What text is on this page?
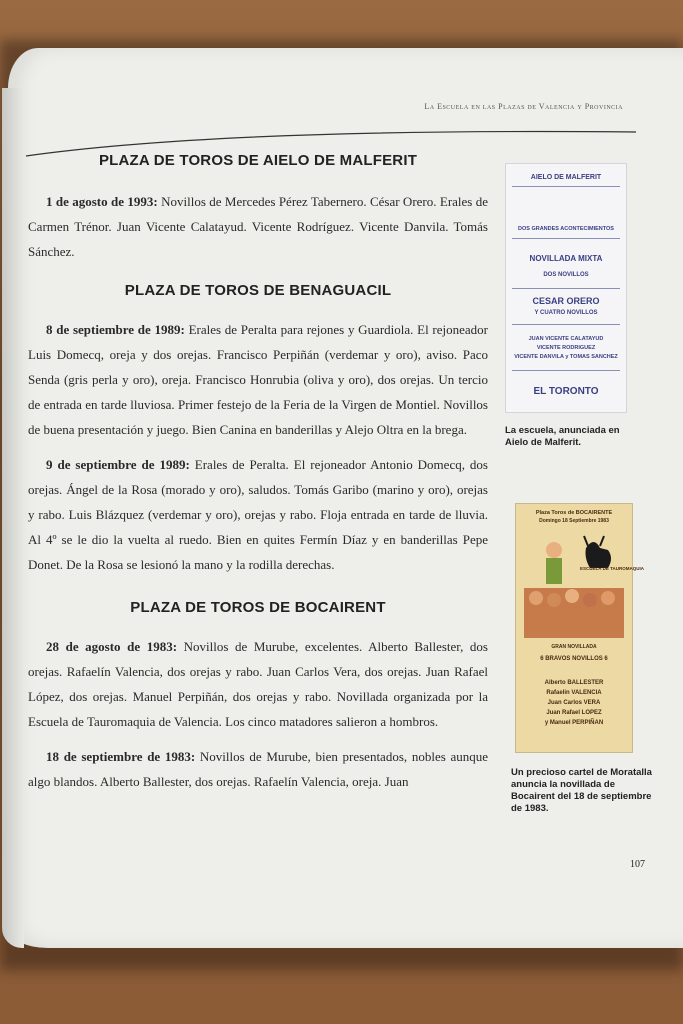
La Escuela en las Plazas de Valencia y Provincia
PLAZA DE TOROS DE AIELO DE MALFERIT

1 de agosto de 1993: Novillos de Mercedes Pérez Tabernero. César Orero. Erales de Carmen Trénor. Juan Vicente Calatayud. Vicente Rodríguez. Vicente Danvila. Tomás Sánchez.

PLAZA DE TOROS DE BENAGUACIL

8 de septiembre de 1989: Erales de Peralta para rejones y Guardiola. El rejoneador Luis Domecq, oreja y dos orejas. Francisco Perpiñán (verdemar y oro), aviso. Paco Senda (gris perla y oro), oreja. Francisco Honrubia (oliva y oro), dos orejas. Un tercio de entrada en tarde lluviosa. Primer festejo de la Feria de la Virgen de Montiel. Novillos de buena presentación y juego. Bien Canina en banderillas y Alejo Oltra en la brega.

9 de septiembre de 1989: Erales de Peralta. El rejoneador Antonio Domecq, dos orejas. Ángel de la Rosa (morado y oro), saludos. Tomás Garibo (marino y oro), orejas y rabo. Luis Blázquez (verdemar y oro), orejas y rabo. Floja entrada en tarde de lluvia. Al 4º se le dio la vuelta al ruedo. Bien en quites Fermín Díaz y en banderillas Pepe Donet. De la Rosa se lesionó la mano y la rodilla derechas.

PLAZA DE TOROS DE BOCAIRENT

28 de agosto de 1983: Novillos de Murube, excelentes. Alberto Ballester, dos orejas. Rafaelín Valencia, dos orejas y rabo. Juan Carlos Vera, dos orejas. Juan Rafael López, dos orejas. Manuel Perpiñán, dos orejas y rabo. Novillada organizada por la Escuela de Tauromaquia de Valencia. Los cinco matadores salieron a hombros.

18 de septiembre de 1983: Novillos de Murube, bien presentados, nobles aunque algo blandos. Alberto Ballester, dos orejas. Rafaelín Valencia, oreja. Juan

AIELO DE MALFERIT
DOS GRANDES ACONTECIMIENTOS
NOVILLADA MIXTA
DOS NOVILLOS
CESAR ORERO
Y CUATRO NOVILLOS
JUAN VICENTE CALATAYUD
VICENTE RODRIGUEZ
VICENTE DANVILA y TOMAS SANCHEZ
EL TORONTO
La escuela, anunciada en Aielo de Malferit.
Plaza Toros de BOCAIRENTE
Domingo 18 Septiembre 1983
ESCUELA DE TAUROMAQUIA
GRAN NOVILLADA
6 BRAVOS NOVILLOS 6
Alberto BALLESTER
Rafaelin VALENCIA
Juan Carlos VERA
Juan Rafael LOPEZ
y Manuel PERPIÑAN
Un precioso cartel de Moratalla anuncia la novillada de Bocairent del 18 de septiembre de 1983.
107
